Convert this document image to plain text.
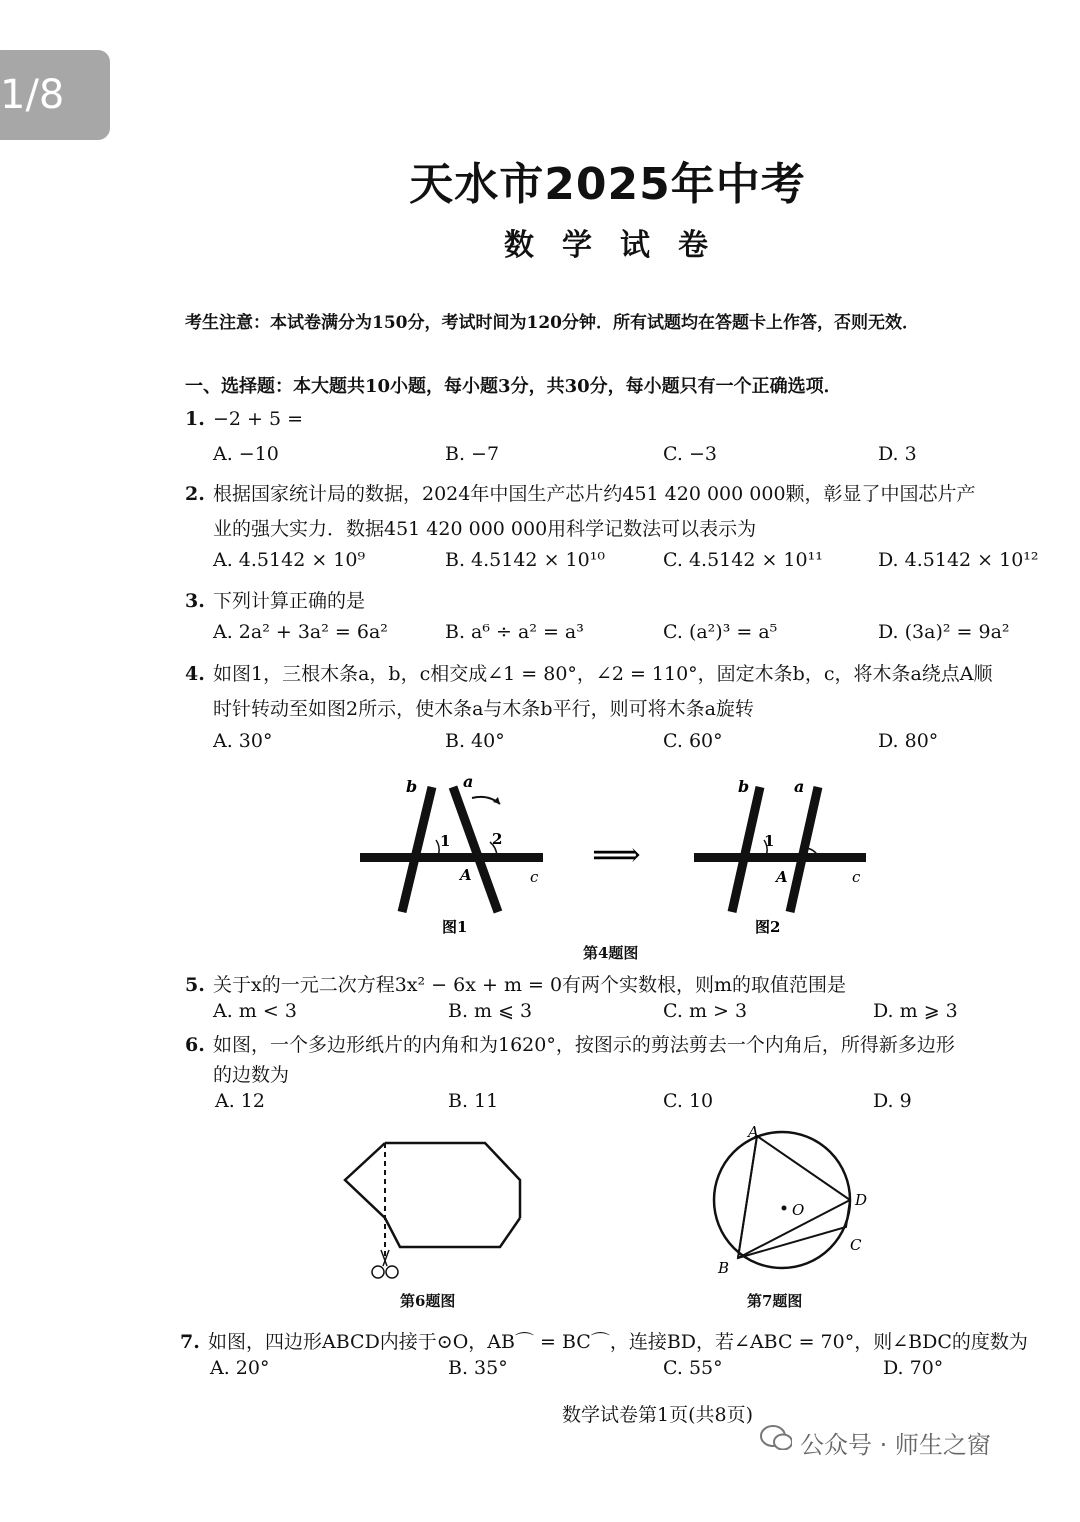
1/8
天水市2025年中考
数学试卷
考生注意：本试卷满分为150分，考试时间为120分钟．所有试题均在答题卡上作答，否则无效．
一、选择题：本大题共10小题，每小题3分，共30分，每小题只有一个正确选项．
1. −2 + 5 =
A. −10	B. −7	C. −3	D. 3
2. 根据国家统计局的数据，2024年中国生产芯片约451 420 000 000颗，彰显了中国芯片产
业的强大实力．数据451 420 000 000用科学记数法可以表示为
A. 4.5142 × 10⁹	B. 4.5142 × 10¹⁰	C. 4.5142 × 10¹¹	D. 4.5142 × 10¹²
3. 下列计算正确的是
A. 2a² + 3a² = 6a²	B. a⁶ ÷ a² = a³	C. (a²)³ = a⁵	D. (3a)² = 9a²
4. 如图1，三根木条a，b，c相交成∠1 = 80°，∠2 = 110°，固定木条b，c，将木条a绕点A顺
时针转动至如图2所示，使木条a与木条b平行，则可将木条a旋转
A. 30°	B. 40°	C. 60°	D. 80°
b	a
1	2
A	c
图1
⟹
b	a
1
A	c
图2
第4题图
5. 关于x的一元二次方程3x² − 6x + m = 0有两个实数根，则m的取值范围是
A. m < 3	B. m ⩽ 3	C. m > 3	D. m ⩾ 3
6. 如图，一个多边形纸片的内角和为1620°，按图示的剪法剪去一个内角后，所得新多边形
的边数为
A. 12	B. 11	C. 10	D. 9
第6题图
A
D
O
C
B
第7题图
7. 如图，四边形ABCD内接于⊙O，AB⌒ = BC⌒，连接BD，若∠ABC = 70°，则∠BDC的度数为
A. 20°	B. 35°	C. 55°	D. 70°
数学试卷第1页(共8页)
公众号 · 师生之窗
